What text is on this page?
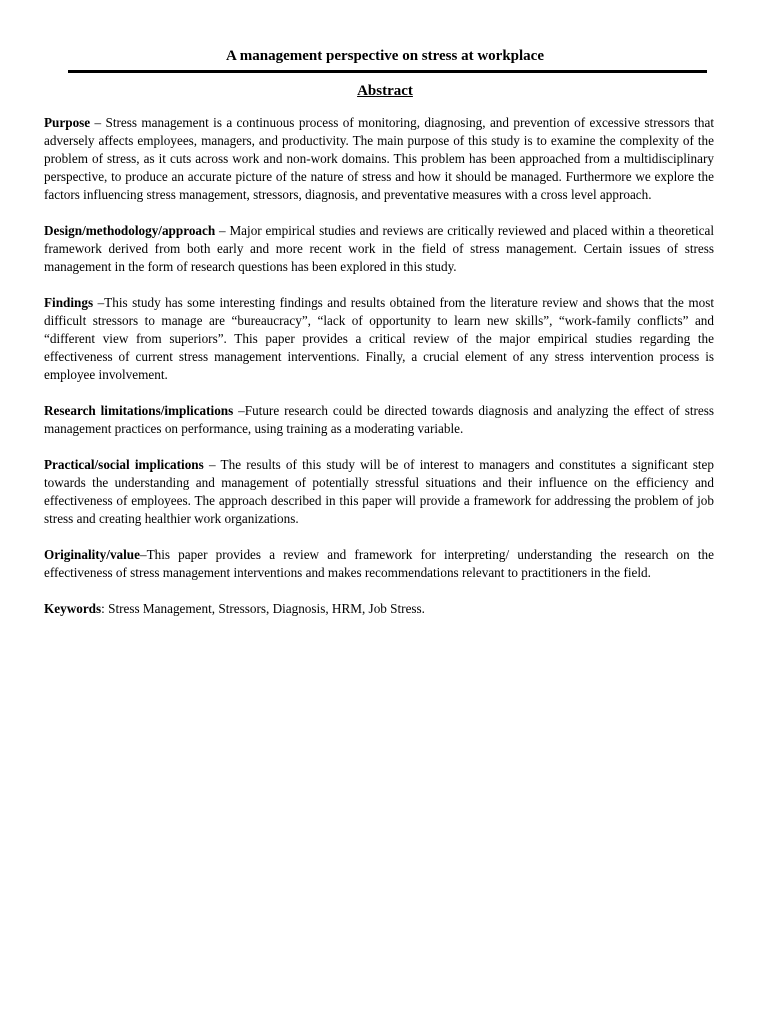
A management perspective on stress at workplace
Abstract

Purpose – Stress management is a continuous process of monitoring, diagnosing, and prevention of excessive stressors that adversely affects employees, managers, and productivity. The main purpose of this study is to examine the complexity of the problem of stress, as it cuts across work and non-work domains. This problem has been approached from a multidisciplinary perspective, to produce an accurate picture of the nature of stress and how it should be managed. Furthermore we explore the factors influencing stress management, stressors, diagnosis, and preventative measures with a cross level approach.

Design/methodology/approach – Major empirical studies and reviews are critically reviewed and placed within a theoretical framework derived from both early and more recent work in the field of stress management. Certain issues of stress management in the form of research questions has been explored in this study.

Findings –This study has some interesting findings and results obtained from the literature review and shows that the most difficult stressors to manage are “bureaucracy”, “lack of opportunity to learn new skills”, “work-family conflicts” and “different view from superiors”. This paper provides a critical review of the major empirical studies regarding the effectiveness of current stress management interventions. Finally, a crucial element of any stress intervention process is employee involvement.

Research limitations/implications –Future research could be directed towards diagnosis and analyzing the effect of stress management practices on performance, using training as a moderating variable.

Practical/social implications – The results of this study will be of interest to managers and constitutes a significant step towards the understanding and management of potentially stressful situations and their influence on the efficiency and effectiveness of employees. The approach described in this paper will provide a framework for addressing the problem of job stress and creating healthier work organizations.

Originality/value–This paper provides a review and framework for interpreting/ understanding the research on the effectiveness of stress management interventions and makes recommendations relevant to practitioners in the field.

Keywords: Stress Management, Stressors, Diagnosis, HRM, Job Stress.
